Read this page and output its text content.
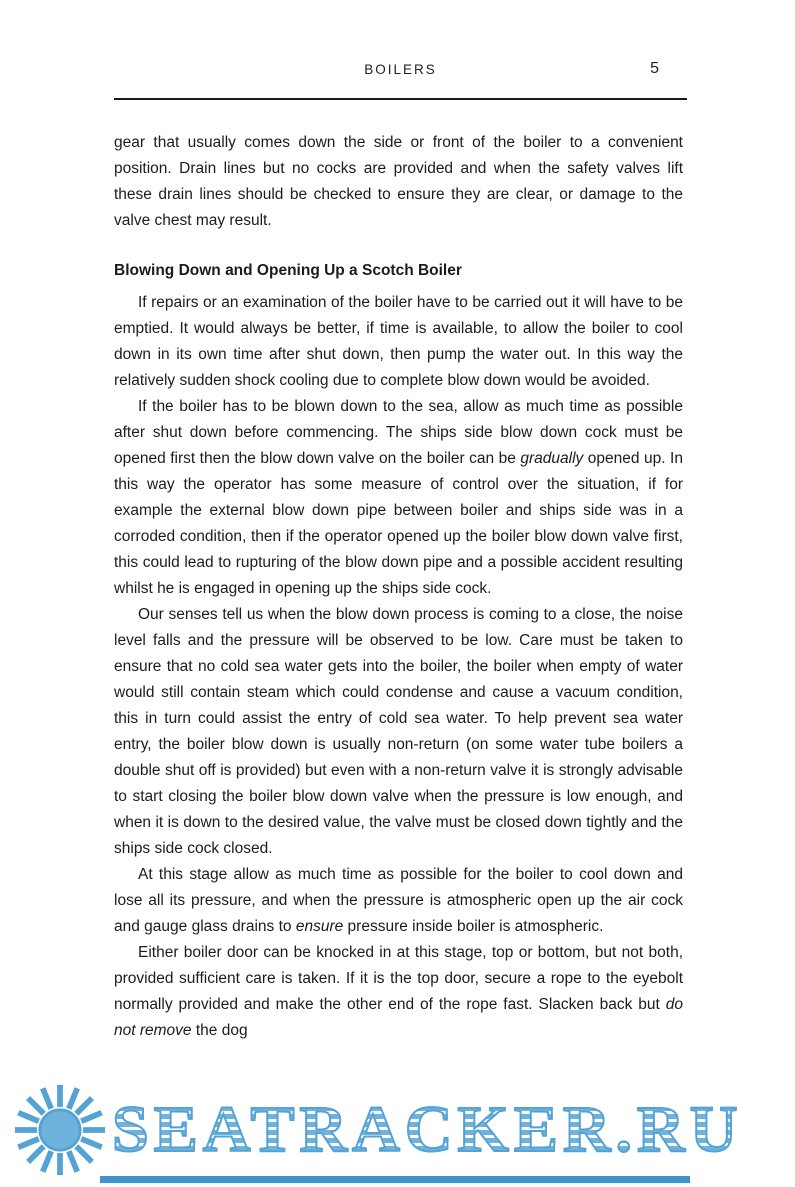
BOILERS	5

gear that usually comes down the side or front of the boiler to a convenient position. Drain lines but no cocks are provided and when the safety valves lift these drain lines should be checked to ensure they are clear, or damage to the valve chest may result.

Blowing Down and Opening Up a Scotch Boiler

If repairs or an examination of the boiler have to be carried out it will have to be emptied. It would always be better, if time is available, to allow the boiler to cool down in its own time after shut down, then pump the water out. In this way the relatively sudden shock cooling due to complete blow down would be avoided.

If the boiler has to be blown down to the sea, allow as much time as possible after shut down before commencing. The ships side blow down cock must be opened first then the blow down valve on the boiler can be gradually opened up. In this way the operator has some measure of control over the situation, if for example the external blow down pipe between boiler and ships side was in a corroded condition, then if the operator opened up the boiler blow down valve first, this could lead to rupturing of the blow down pipe and a possible accident resulting whilst he is engaged in opening up the ships side cock.

Our senses tell us when the blow down process is coming to a close, the noise level falls and the pressure will be observed to be low. Care must be taken to ensure that no cold sea water gets into the boiler, the boiler when empty of water would still contain steam which could condense and cause a vacuum condition, this in turn could assist the entry of cold sea water. To help prevent sea water entry, the boiler blow down is usually non-return (on some water tube boilers a double shut off is provided) but even with a non-return valve it is strongly advisable to start closing the boiler blow down valve when the pressure is low enough, and when it is down to the desired value, the valve must be closed down tightly and the ships side cock closed.

At this stage allow as much time as possible for the boiler to cool down and lose all its pressure, and when the pressure is atmospheric open up the air cock and gauge glass drains to ensure pressure inside boiler is atmospheric.

Either boiler door can be knocked in at this stage, top or bottom, but not both, provided sufficient care is taken. If it is the top door, secure a rope to the eyebolt normally provided and make the other end of the rope fast. Slacken back but do not remove the dog

SEATRACKER.RU
